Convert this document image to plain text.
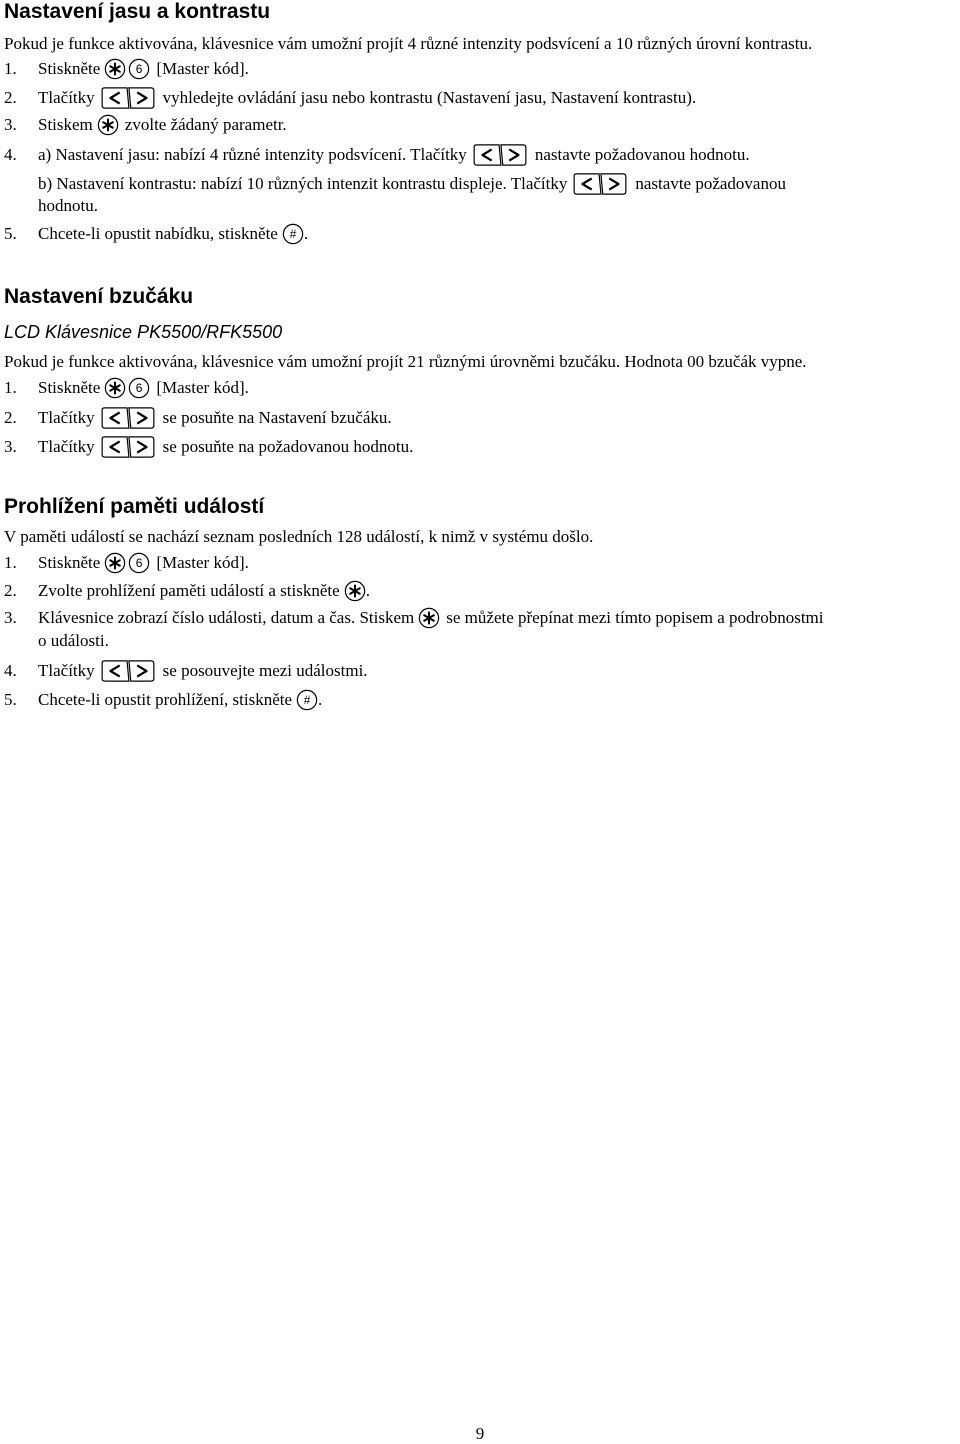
Nastavení jasu a kontrastu
Pokud je funkce aktivována, klávesnice vám umožní projít 4 různé intenzity podsvícení a 10 různých úrovní kontrastu.
1.	Stiskněte	6 [Master kód].
2.	Tlačítky	vyhledejte ovládání jasu nebo kontrastu (Nastavení jasu, Nastavení kontrastu).
3.	Stiskem zvolte žádaný parametr.
4.	a) Nastavení jasu: nabízí 4 různé intenzity podsvícení. Tlačítky	nastavte požadovanou hodnotu.
b) Nastavení kontrastu: nabízí 10 různých intenzit kontrastu displeje. Tlačítky	nastavte požadovanou
hodnotu.
5.	Chcete-li opustit nabídku, stiskněte # .
Nastavení bzučáku
LCD Klávesnice PK5500/RFK5500
Pokud je funkce aktivována, klávesnice vám umožní projít 21 různými úrovněmi bzučáku. Hodnota 00 bzučák vypne.
1.	Stiskněte	6 [Master kód].
2.	Tlačítky	se posuňte na Nastavení bzučáku.
3.	Tlačítky	se posuňte na požadovanou hodnotu.
Prohlížení paměti událostí
V paměti událostí se nachází seznam posledních 128 událostí, k nimž v systému došlo.
1.	Stiskněte	6 [Master kód].
2.	Zvolte prohlížení paměti událostí a stiskněte .
3.	Klávesnice zobrazí číslo události, datum a čas. Stiskem se můžete přepínat mezi tímto popisem a podrobnostmi
o události.
4.	Tlačítky	se posouvejte mezi událostmi.
5.	Chcete-li opustit prohlížení, stiskněte # .
9
